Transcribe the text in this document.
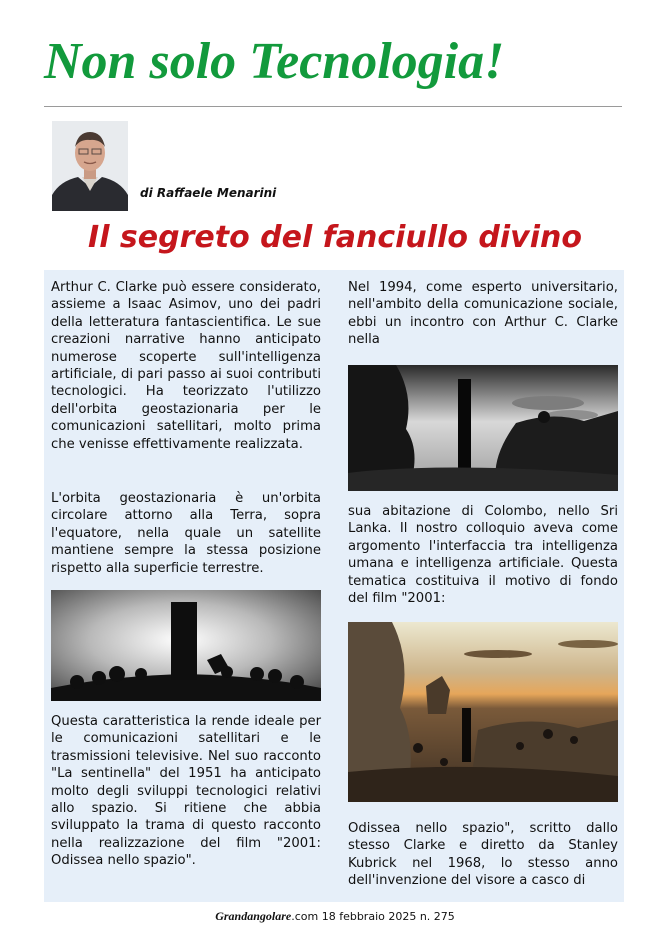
Non solo Tecnologia!
di Raffaele Menarini
Il segreto del fanciullo divino

Arthur C. Clarke può essere considerato, assieme a Isaac Asimov, uno dei padri della letteratura fantascientifica. Le sue creazioni narrative hanno anticipato numerose scoperte sull'intelligenza artificiale, di pari passo ai suoi contributi tecnologici. Ha teorizzato l'utilizzo dell'orbita geostazionaria per le comunicazioni satellitari, molto prima che venisse effettivamente realizzata.

L'orbita geostazionaria è un'orbita circolare attorno alla Terra, sopra l'equatore, nella quale un satellite mantiene sempre la stessa posizione rispetto alla superficie terrestre.

Questa caratteristica la rende ideale per le comunicazioni satellitari e le trasmissioni televisive. Nel suo racconto "La sentinella" del 1951 ha anticipato molto degli sviluppi tecnologici relativi allo spazio. Si ritiene che abbia sviluppato la trama di questo racconto nella realizzazione del film "2001: Odissea nello spazio".

Nel 1994, come esperto universitario, nell'ambito della comunicazione sociale, ebbi un incontro con Arthur C. Clarke nella

sua abitazione di Colombo, nello Sri Lanka. Il nostro colloquio aveva come argomento l'interfaccia tra intelligenza umana e intelligenza artificiale. Questa tematica costituiva il motivo di fondo del film "2001:

Odissea nello spazio", scritto dallo stesso Clarke e diretto da Stanley Kubrick nel 1968, lo stesso anno dell'invenzione del visore a casco di

Grandangolare.com 18 febbraio 2025 n. 275
